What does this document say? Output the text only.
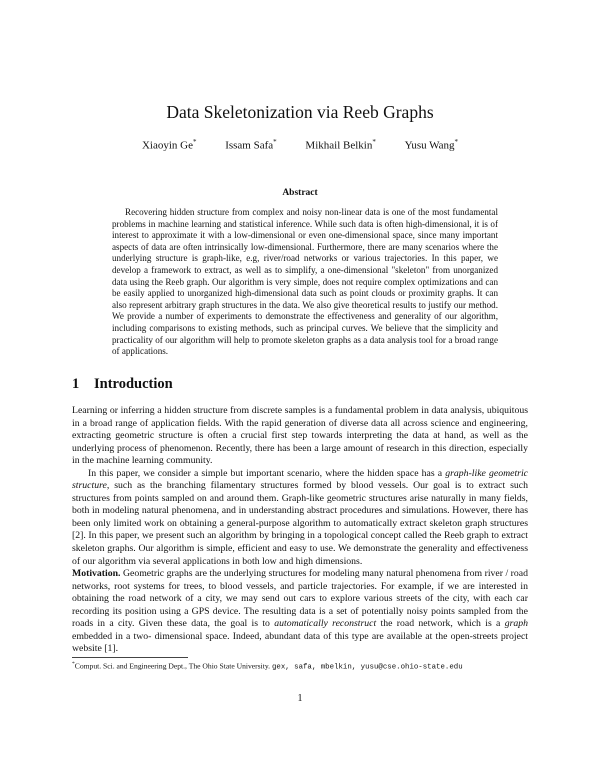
Data Skeletonization via Reeb Graphs
Xiaoyin Ge*	Issam Safa*	Mikhail Belkin*	Yusu Wang*
Abstract
Recovering hidden structure from complex and noisy non-linear data is one of the most fundamental problems in machine learning and statistical inference. While such data is often high-dimensional, it is of interest to approximate it with a low-dimensional or even one-dimensional space, since many important aspects of data are often intrinsically low-dimensional. Furthermore, there are many scenarios where the underlying structure is graph-like, e.g, river/road networks or various trajectories. In this paper, we develop a framework to extract, as well as to simplify, a one-dimensional "skeleton" from unorganized data using the Reeb graph. Our algorithm is very simple, does not require complex optimizations and can be easily applied to unorganized high-dimensional data such as point clouds or proximity graphs. It can also represent arbitrary graph structures in the data. We also give theoretical results to justify our method. We provide a number of experiments to demonstrate the effectiveness and generality of our algorithm, including comparisons to existing methods, such as principal curves. We believe that the simplicity and practicality of our algorithm will help to promote skeleton graphs as a data analysis tool for a broad range of applications.
1 Introduction

Learning or inferring a hidden structure from discrete samples is a fundamental problem in data analysis, ubiquitous in a broad range of application fields. With the rapid generation of diverse data all across science and engineering, extracting geometric structure is often a crucial first step towards interpreting the data at hand, as well as the underlying process of phenomenon. Recently, there has been a large amount of research in this direction, especially in the machine learning community.

In this paper, we consider a simple but important scenario, where the hidden space has a graph-like geometric structure, such as the branching filamentary structures formed by blood vessels. Our goal is to extract such structures from points sampled on and around them. Graph-like geometric structures arise naturally in many fields, both in modeling natural phenomena, and in understanding abstract procedures and simulations. However, there has been only limited work on obtaining a general-purpose algorithm to automatically extract skeleton graph structures [2]. In this paper, we present such an algorithm by bringing in a topological concept called the Reeb graph to extract skeleton graphs. Our algorithm is simple, efficient and easy to use. We demonstrate the generality and effectiveness of our algorithm via several applications in both low and high dimensions.

Motivation. Geometric graphs are the underlying structures for modeling many natural phenomena from river / road networks, root systems for trees, to blood vessels, and particle trajectories. For example, if we are interested in obtaining the road network of a city, we may send out cars to explore various streets of the city, with each car recording its position using a GPS device. The resulting data is a set of potentially noisy points sampled from the roads in a city. Given these data, the goal is to automatically reconstruct the road network, which is a graph embedded in a two- dimensional space. Indeed, abundant data of this type are available at the open-streets project website [1].

*Comput. Sci. and Engineering Dept., The Ohio State University. gex, safa, mbelkin, yusu@cse.ohio-state.edu
1
